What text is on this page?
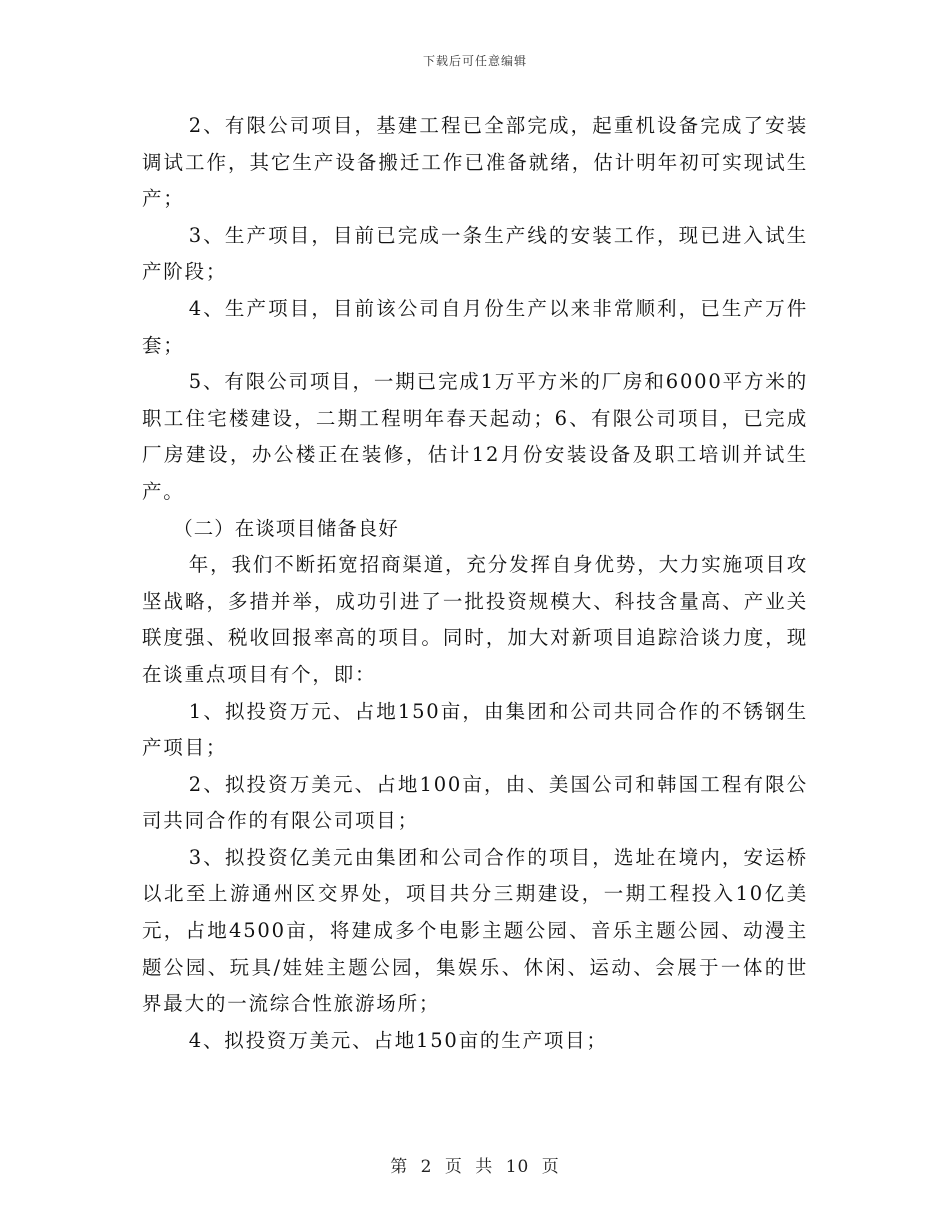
下载后可任意编辑

2、有限公司项目，基建工程已全部完成，起重机设备完成了安装调试工作，其它生产设备搬迁工作已准备就绪，估计明年初可实现试生产；

3、生产项目，目前已完成一条生产线的安装工作，现已进入试生产阶段；

4、生产项目，目前该公司自月份生产以来非常顺利，已生产万件套；

5、有限公司项目，一期已完成1万平方米的厂房和6000平方米的职工住宅楼建设，二期工程明年春天起动；6、有限公司项目，已完成厂房建设，办公楼正在装修，估计12月份安装设备及职工培训并试生产。

（二）在谈项目储备良好

年，我们不断拓宽招商渠道，充分发挥自身优势，大力实施项目攻坚战略，多措并举，成功引进了一批投资规模大、科技含量高、产业关联度强、税收回报率高的项目。同时，加大对新项目追踪洽谈力度，现在谈重点项目有个，即：

1、拟投资万元、占地150亩，由集团和公司共同合作的不锈钢生产项目；

2、拟投资万美元、占地100亩，由、美国公司和韩国工程有限公司共同合作的有限公司项目；

3、拟投资亿美元由集团和公司合作的项目，选址在境内，安运桥以北至上游通州区交界处，项目共分三期建设，一期工程投入10亿美元，占地4500亩，将建成多个电影主题公园、音乐主题公园、动漫主题公园、玩具/娃娃主题公园，集娱乐、休闲、运动、会展于一体的世界最大的一流综合性旅游场所；

4、拟投资万美元、占地150亩的生产项目；

第 2 页 共 10 页
